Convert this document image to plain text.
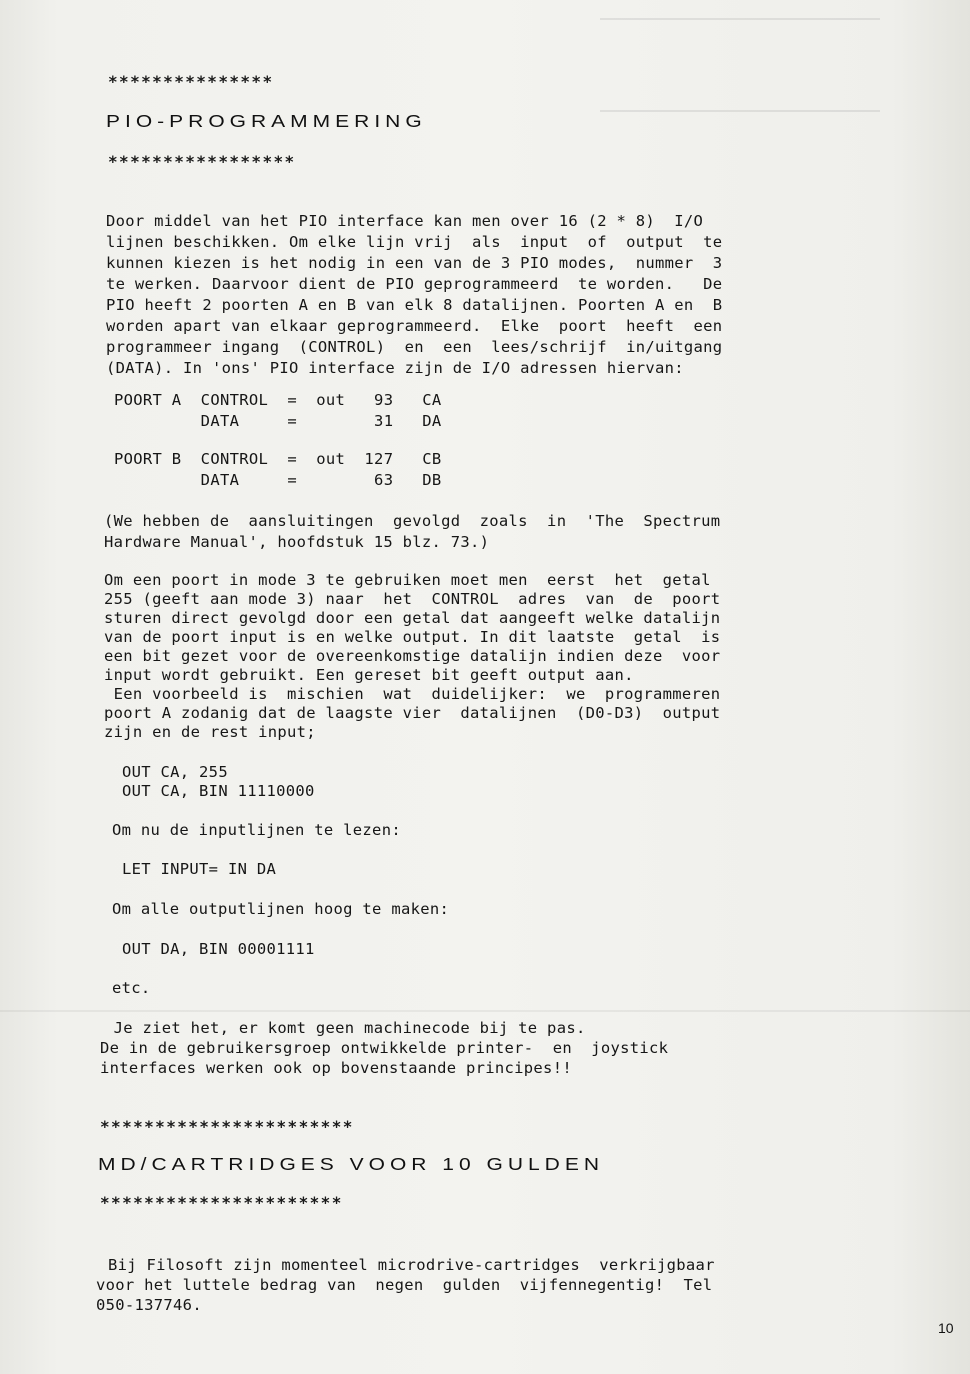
***************
PIO-PROGRAMMERING
*****************
Door middel van het PIO interface kan men over 16 (2 * 8)  I/O
lijnen beschikken. Om elke lijn vrij  als  input  of  output  te
kunnen kiezen is het nodig in een van de 3 PIO modes,  nummer  3
te werken. Daarvoor dient de PIO geprogrammeerd  te worden.   De
PIO heeft 2 poorten A en B van elk 8 datalijnen. Poorten A en  B
worden apart van elkaar geprogrammeerd.  Elke  poort  heeft  een
programmeer ingang  (CONTROL)  en  een  lees/schrijf  in/uitgang
(DATA). In 'ons' PIO interface zijn de I/O adressen hiervan:
POORT A  CONTROL  =  out   93   CA
DATA     =        31   DA
POORT B  CONTROL  =  out  127   CB
DATA     =        63   DB
(We hebben de  aansluitingen  gevolgd  zoals  in  'The  Spectrum
Hardware Manual', hoofdstuk 15 blz. 73.)
Om een poort in mode 3 te gebruiken moet men  eerst  het  getal
255 (geeft aan mode 3) naar  het  CONTROL  adres  van  de  poort
sturen direct gevolgd door een getal dat aangeeft welke datalijn
van de poort input is en welke output. In dit laatste  getal  is
een bit gezet voor de overeenkomstige datalijn indien deze  voor
input wordt gebruikt. Een gereset bit geeft output aan.
Een voorbeeld is  mischien  wat  duidelijker:  we  programmeren
poort A zodanig dat de laagste vier  datalijnen  (D0-D3)  output
zijn en de rest input;
OUT CA, 255
OUT CA, BIN 11110000
Om nu de inputlijnen te lezen:
LET INPUT= IN DA
Om alle outputlijnen hoog te maken:
OUT DA, BIN 00001111
etc.
Je ziet het, er komt geen machinecode bij te pas.
De in de gebruikersgroep ontwikkelde printer-  en  joystick
interfaces werken ook op bovenstaande principes!!
***********************
MD/CARTRIDGES VOOR 10 GULDEN
**********************
Bij Filosoft zijn momenteel microdrive-cartridges  verkrijgbaar
voor het luttele bedrag van  negen  gulden  vijfennegentig!  Tel
050-137746.
10
